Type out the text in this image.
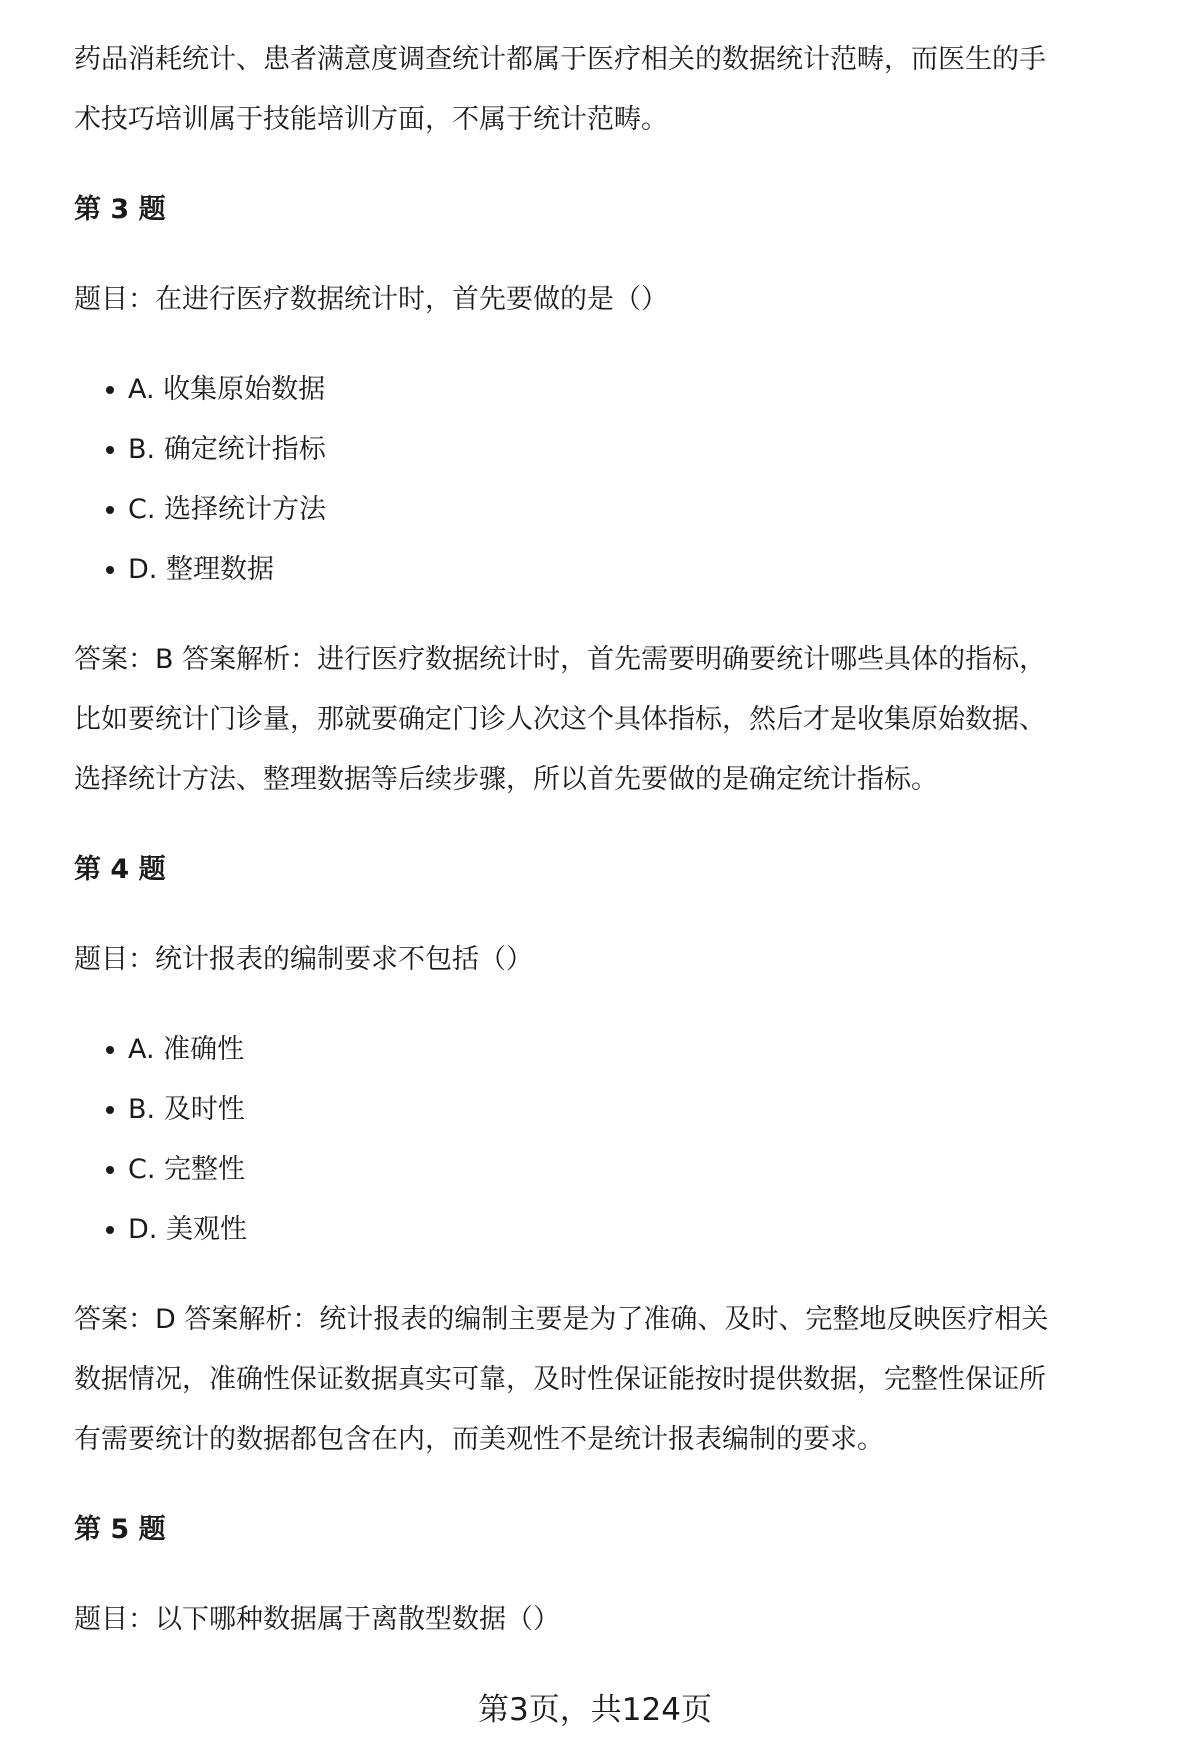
药品消耗统计、患者满意度调查统计都属于医疗相关的数据统计范畴，而医生的手

术技巧培训属于技能培训方面，不属于统计范畴。

第 3 题

题目：在进行医疗数据统计时，首先要做的是（）

A. 收集原始数据
B. 确定统计指标
C. 选择统计方法
D. 整理数据

答案：B 答案解析：进行医疗数据统计时，首先需要明确要统计哪些具体的指标，

比如要统计门诊量，那就要确定门诊人次这个具体指标，然后才是收集原始数据、

选择统计方法、整理数据等后续步骤，所以首先要做的是确定统计指标。

第 4 题

题目：统计报表的编制要求不包括（）

A. 准确性
B. 及时性
C. 完整性
D. 美观性

答案：D 答案解析：统计报表的编制主要是为了准确、及时、完整地反映医疗相关

数据情况，准确性保证数据真实可靠，及时性保证能按时提供数据，完整性保证所

有需要统计的数据都包含在内，而美观性不是统计报表编制的要求。

第 5 题

题目：以下哪种数据属于离散型数据（）

第3页，共124页
